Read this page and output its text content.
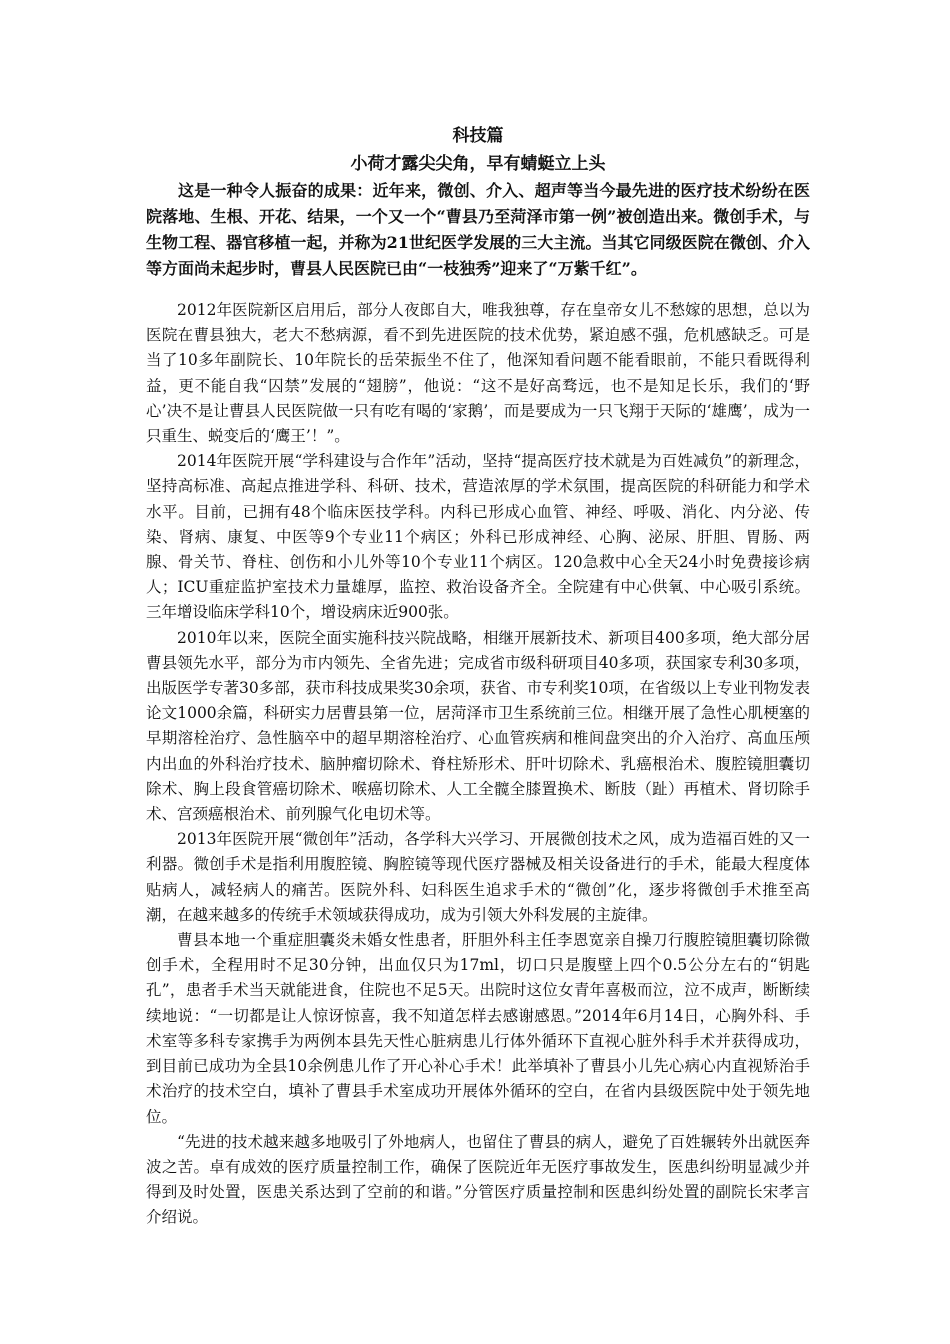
科技篇

小荷才露尖尖角，早有蜻蜓立上头

这是一种令人振奋的成果：近年来，微创、介入、超声等当今最先进的医疗技术纷纷在医院落地、生根、开花、结果，一个又一个“曹县乃至菏泽市第一例”被创造出来。微创手术，与生物工程、器官移植一起，并称为21世纪医学发展的三大主流。当其它同级医院在微创、介入等方面尚未起步时，曹县人民医院已由“一枝独秀”迎来了“万紫千红”。

2012年医院新区启用后，部分人夜郎自大，唯我独尊，存在皇帝女儿不愁嫁的思想，总以为医院在曹县独大，老大不愁病源，看不到先进医院的技术优势，紧迫感不强，危机感缺乏。可是当了10多年副院长、10年院长的岳荣振坐不住了，他深知看问题不能看眼前，不能只看既得利益，更不能自我“囚禁”发展的“翅膀”，他说：“这不是好高骛远，也不是知足长乐，我们的‘野心’决不是让曹县人民医院做一只有吃有喝的‘家鹅’，而是要成为一只飞翔于天际的‘雄鹰’，成为一只重生、蜕变后的‘鹰王’！”。

2014年医院开展“学科建设与合作年”活动，坚持“提高医疗技术就是为百姓减负”的新理念，坚持高标准、高起点推进学科、科研、技术，营造浓厚的学术氛围，提高医院的科研能力和学术水平。目前，已拥有48个临床医技学科。内科已形成心血管、神经、呼吸、消化、内分泌、传染、肾病、康复、中医等9个专业11个病区；外科已形成神经、心胸、泌尿、肝胆、胃肠、两腺、骨关节、脊柱、创伤和小儿外等10个专业11个病区。120急救中心全天24小时免费接诊病人；ICU重症监护室技术力量雄厚，监控、救治设备齐全。全院建有中心供氧、中心吸引系统。三年增设临床学科10个，增设病床近900张。

2010年以来，医院全面实施科技兴院战略，相继开展新技术、新项目400多项，绝大部分居曹县领先水平，部分为市内领先、全省先进；完成省市级科研项目40多项，获国家专利30多项，出版医学专著30多部，获市科技成果奖30余项，获省、市专利奖10项，在省级以上专业刊物发表论文1000余篇，科研实力居曹县第一位，居菏泽市卫生系统前三位。相继开展了急性心肌梗塞的早期溶栓治疗、急性脑卒中的超早期溶栓治疗、心血管疾病和椎间盘突出的介入治疗、高血压颅内出血的外科治疗技术、脑肿瘤切除术、脊柱矫形术、肝叶切除术、乳癌根治术、腹腔镜胆囊切除术、胸上段食管癌切除术、喉癌切除术、人工全髋全膝置换术、断肢（趾）再植术、肾切除手术、宫颈癌根治术、前列腺气化电切术等。

2013年医院开展“微创年”活动，各学科大兴学习、开展微创技术之风，成为造福百姓的又一利器。微创手术是指利用腹腔镜、胸腔镜等现代医疗器械及相关设备进行的手术，能最大程度体贴病人，减轻病人的痛苦。医院外科、妇科医生追求手术的“微创”化，逐步将微创手术推至高潮，在越来越多的传统手术领域获得成功，成为引领大外科发展的主旋律。

曹县本地一个重症胆囊炎未婚女性患者，肝胆外科主任李恩宽亲自操刀行腹腔镜胆囊切除微创手术，全程用时不足30分钟，出血仅只为17ml，切口只是腹壁上四个0.5公分左右的“钥匙孔”，患者手术当天就能进食，住院也不足5天。出院时这位女青年喜极而泣，泣不成声，断断续续地说：“一切都是让人惊讶惊喜，我不知道怎样去感谢感恩。”2014年6月14日，心胸外科、手术室等多科专家携手为两例本县先天性心脏病患儿行体外循环下直视心脏外科手术并获得成功，到目前已成功为全县10余例患儿作了开心补心手术！此举填补了曹县小儿先心病心内直视矫治手术治疗的技术空白，填补了曹县手术室成功开展体外循环的空白，在省内县级医院中处于领先地位。

“先进的技术越来越多地吸引了外地病人，也留住了曹县的病人，避免了百姓辗转外出就医奔波之苦。卓有成效的医疗质量控制工作，确保了医院近年无医疗事故发生，医患纠纷明显减少并得到及时处置，医患关系达到了空前的和谐。”分管医疗质量控制和医患纠纷处置的副院长宋孝言介绍说。
